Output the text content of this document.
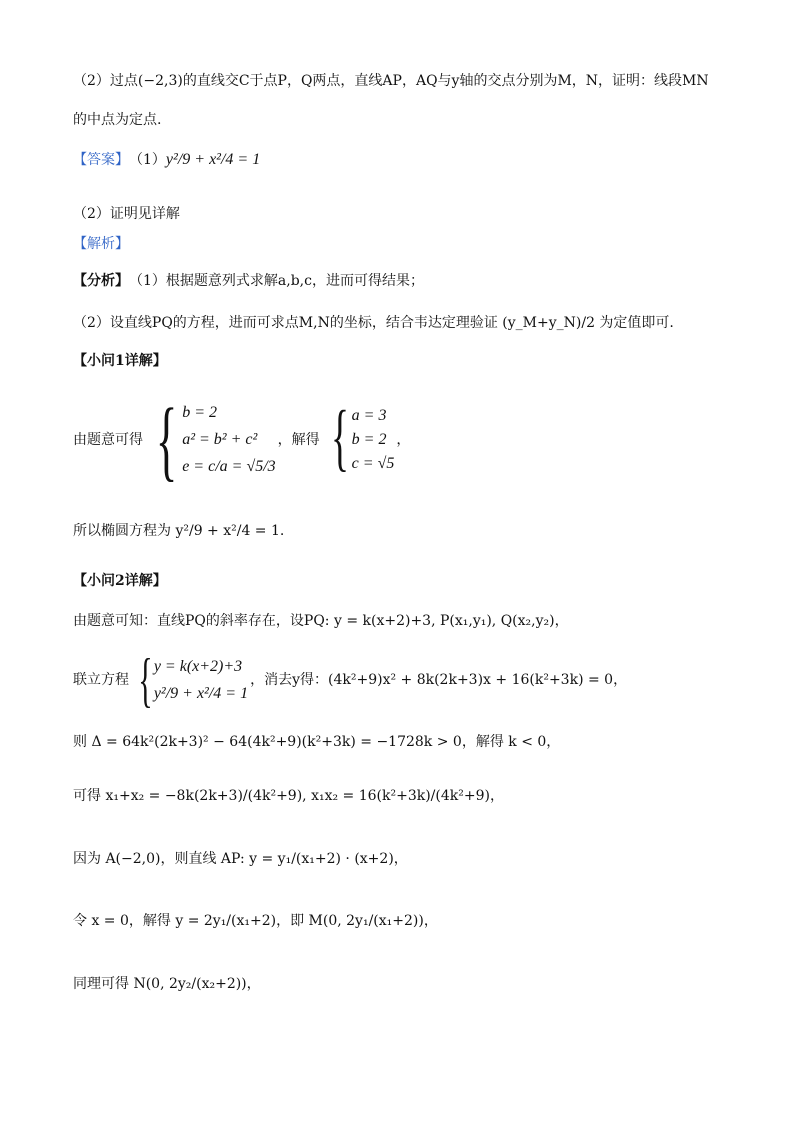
（2）过点(−2,3)的直线交C于点P，Q两点，直线AP，AQ与y轴的交点分别为M，N，证明：线段MN
的中点为定点.
【答案】 （1） y²/9 + x²/4 = 1
（2）证明见详解
【解析】
【分析】 （1）根据题意列式求解a,b,c，进而可得结果；
（2）设直线PQ的方程，进而可求点M,N的坐标，结合韦达定理验证 (y_M+y_N)/2 为定值即可.
【小问1详解】
由题意可得 { b = 2
a² = b² + c²
e = c/a = √5/3
，解得 { a = 3
b = 2
c = √5
，
所以椭圆方程为 y²/9 + x²/4 = 1.
【小问2详解】
由题意可知：直线PQ的斜率存在，设PQ: y = k(x+2)+3, P(x₁,y₁), Q(x₂,y₂)，
联立方程 { y = k(x+2)+3
y²/9 + x²/4 = 1
，消去y得：(4k²+9)x² + 8k(2k+3)x + 16(k²+3k) = 0，
则 Δ = 64k²(2k+3)² − 64(4k²+9)(k²+3k) = −1728k > 0，解得 k < 0，
可得 x₁+x₂ = −8k(2k+3)/(4k²+9), x₁x₂ = 16(k²+3k)/(4k²+9)，
因为 A(−2,0)，则直线 AP: y = y₁/(x₁+2) · (x+2)，
令 x = 0，解得 y = 2y₁/(x₁+2)，即 M(0, 2y₁/(x₁+2))，
同理可得 N(0, 2y₂/(x₂+2))，
